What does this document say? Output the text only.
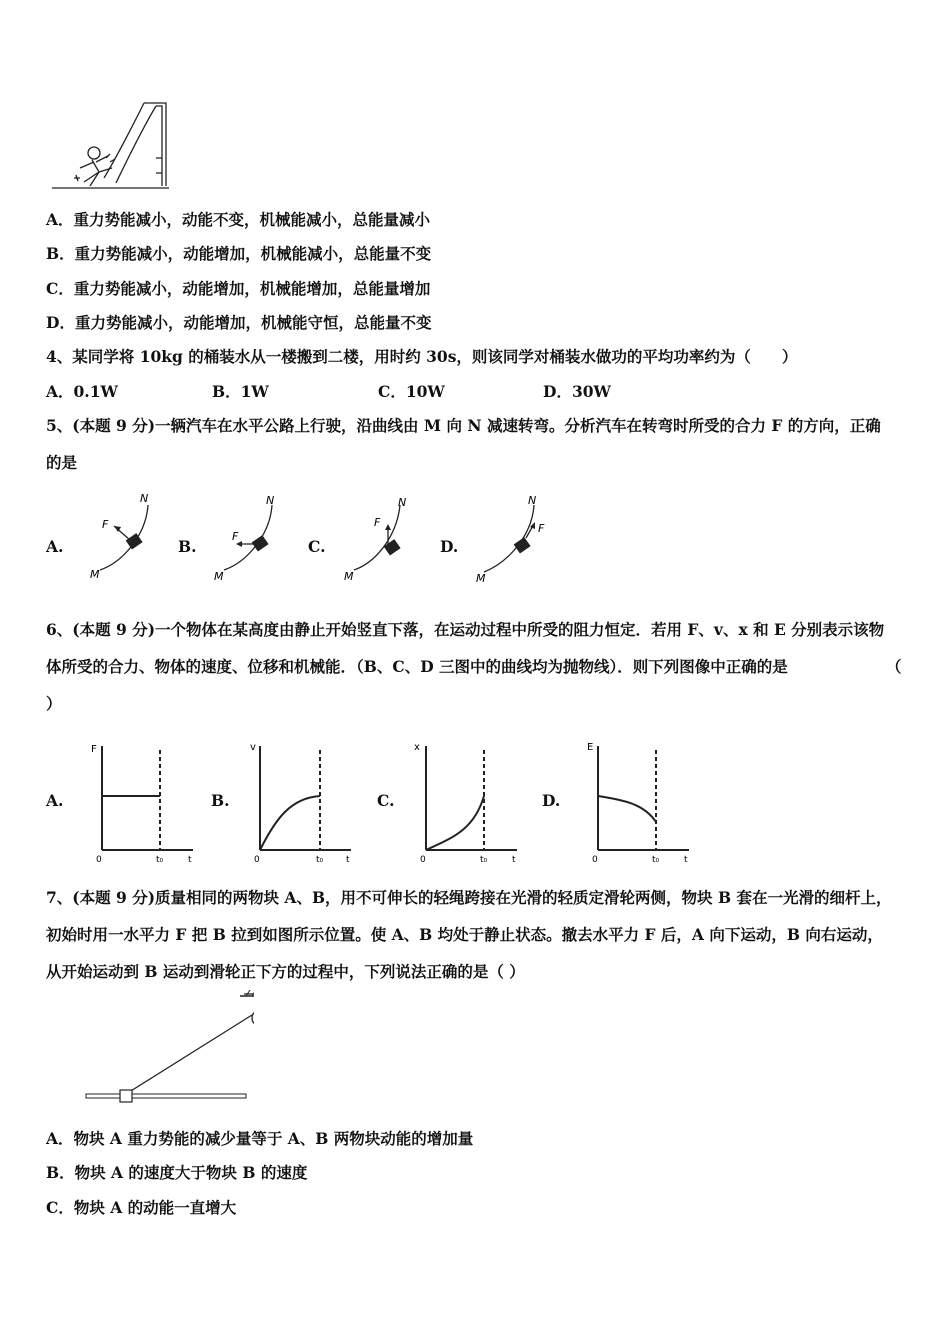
A．重力势能减小，动能不变，机械能减小，总能量减小
B．重力势能减小，动能增加，机械能减小，总能量不变
C．重力势能减小，动能增加，机械能增加，总能量增加
D．重力势能减小，动能增加，机械能守恒，总能量不变
4、某同学将 10kg 的桶装水从一楼搬到二楼，用时约 30s，则该同学对桶装水做功的平均功率约为（　　）
A．0.1W	B．1W	C．10W	D．30W
5、(本题 9 分)一辆汽车在水平公路上行驶，沿曲线由 M 向 N 减速转弯。分析汽车在转弯时所受的合力 F 的方向，正确
的是
A.	B.	C.	D.
N
F
M
N
F
M
N
F
M
N
F
M
6、(本题 9 分)一个物体在某高度由静止开始竖直下落，在运动过程中所受的阻力恒定．若用 F、v、x 和 E 分别表示该物
体所受的合力、物体的速度、位移和机械能．（B、C、D 三图中的曲线均为抛物线）．则下列图像中正确的是	（
）
A.	B.	C.	D.
F
0	t₀	t
v
0	t₀	t
x
0	t₀	t
E
0	t₀	t
7、(本题 9 分)质量相同的两物块 A、B，用不可伸长的轻绳跨接在光滑的轻质定滑轮两侧，物块 B 套在一光滑的细杆上，
初始时用一水平力 F 把 B 拉到如图所示位置。使 A、B 均处于静止状态。撤去水平力 F 后，A 向下运动，B 向右运动，
从开始运动到 B 运动到滑轮正下方的过程中，下列说法正确的是（ ）
A．物块 A 重力势能的减少量等于 A、B 两物块动能的增加量
B．物块 A 的速度大于物块 B 的速度
C．物块 A 的动能一直增大
